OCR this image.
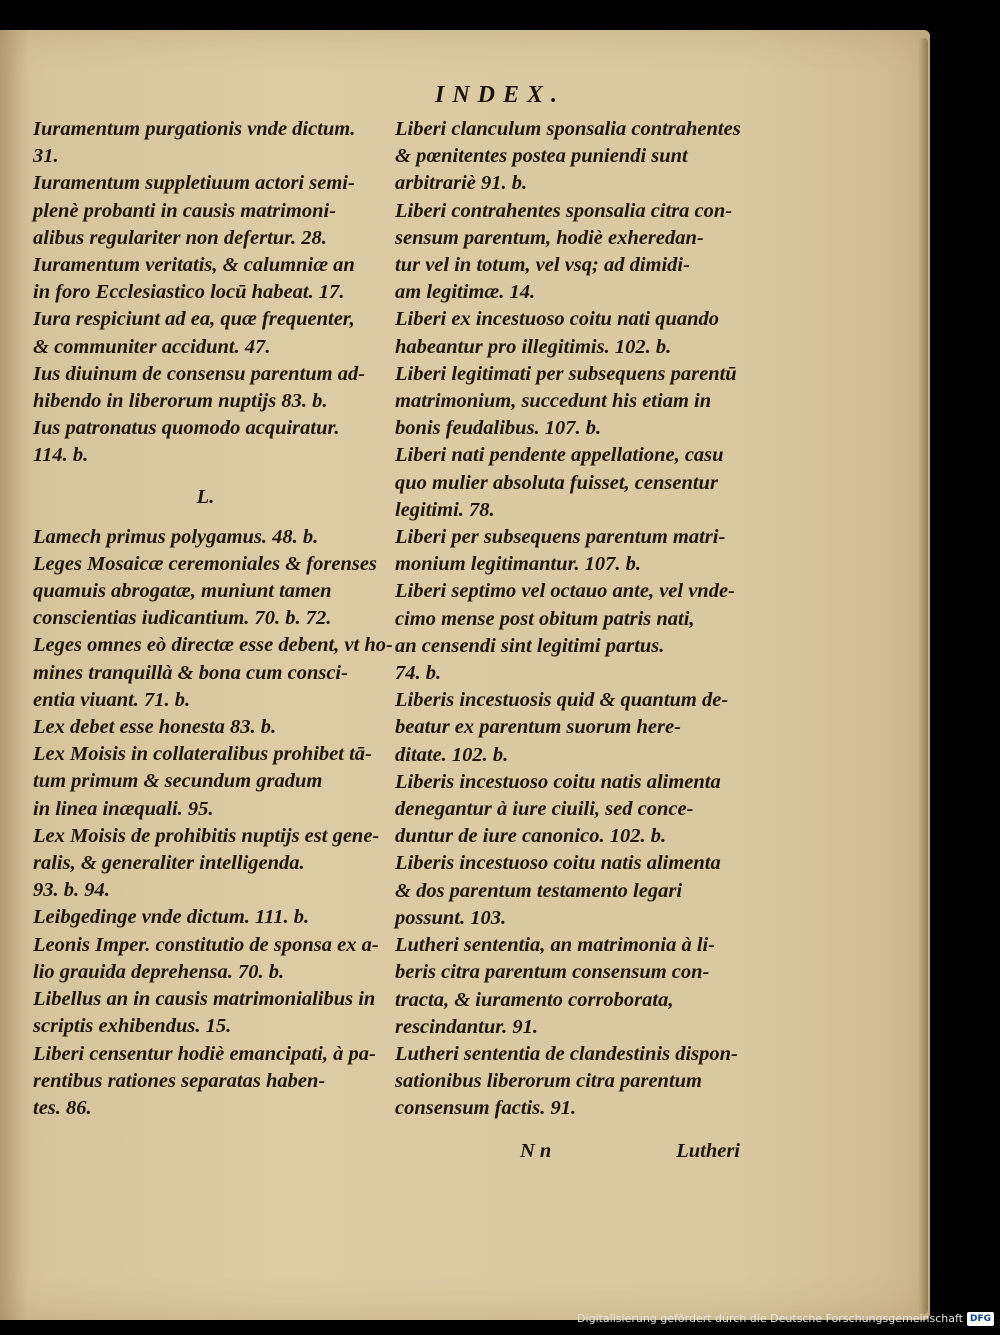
INDEX.
Iuramentum purgationis vnde dictum.
31.
Iuramentum suppletiuum actori semi-
plenè probanti in causis matrimoni-
alibus regulariter non defertur. 28.
Iuramentum veritatis, & calumniæ an
in foro Ecclesiastico locū habeat. 17.
Iura respiciunt ad ea, quæ frequenter,
& communiter accidunt. 47.
Ius diuinum de consensu parentum ad-
hibendo in liberorum nuptijs 83. b.
Ius patronatus quomodo acquiratur.
114. b.
L.
Lamech primus polygamus. 48. b.
Leges Mosaicæ ceremoniales & forenses
quamuis abrogatæ, muniunt tamen
conscientias iudicantium. 70. b. 72.
Leges omnes eò directæ esse debent, vt ho-
mines tranquillà & bona cum consci-
entia viuant. 71. b.
Lex debet esse honesta 83. b.
Lex Moisis in collateralibus prohibet tā-
tum primum & secundum gradum
in linea inæquali. 95.
Lex Moisis de prohibitis nuptijs est gene-
ralis, & generaliter intelligenda.
93. b. 94.
Leibgedinge vnde dictum. 111. b.
Leonis Imper. constitutio de sponsa ex a-
lio grauida deprehensa. 70. b.
Libellus an in causis matrimonialibus in
scriptis exhibendus. 15.
Liberi censentur hodiè emancipati, à pa-
rentibus rationes separatas haben-
tes. 86.
Liberi clanculum sponsalia contrahentes
& pœnitentes postea puniendi sunt
arbitrariè 91. b.
Liberi contrahentes sponsalia citra con-
sensum parentum, hodiè exheredan-
tur vel in totum, vel vsq; ad dimidi-
am legitimæ. 14.
Liberi ex incestuoso coitu nati quando
habeantur pro illegitimis. 102. b.
Liberi legitimati per subsequens parentū
matrimonium, succedunt his etiam in
bonis feudalibus. 107. b.
Liberi nati pendente appellatione, casu
quo mulier absoluta fuisset, censentur
legitimi. 78.
Liberi per subsequens parentum matri-
monium legitimantur. 107. b.
Liberi septimo vel octauo ante, vel vnde-
cimo mense post obitum patris nati,
an censendi sint legitimi partus.
74. b.
Liberis incestuosis quid & quantum de-
beatur ex parentum suorum here-
ditate. 102. b.
Liberis incestuoso coitu natis alimenta
denegantur à iure ciuili, sed conce-
duntur de iure canonico. 102. b.
Liberis incestuoso coitu natis alimenta
& dos parentum testamento legari
possunt. 103.
Lutheri sententia, an matrimonia à li-
beris citra parentum consensum con-
tracta, & iuramento corroborata,
rescindantur. 91.
Lutheri sententia de clandestinis dispon-
sationibus liberorum citra parentum
consensum factis. 91.
N n	Lutheri
Digitalisierung gefördert durch die Deutsche Forschungsgemeinschaft DFG
